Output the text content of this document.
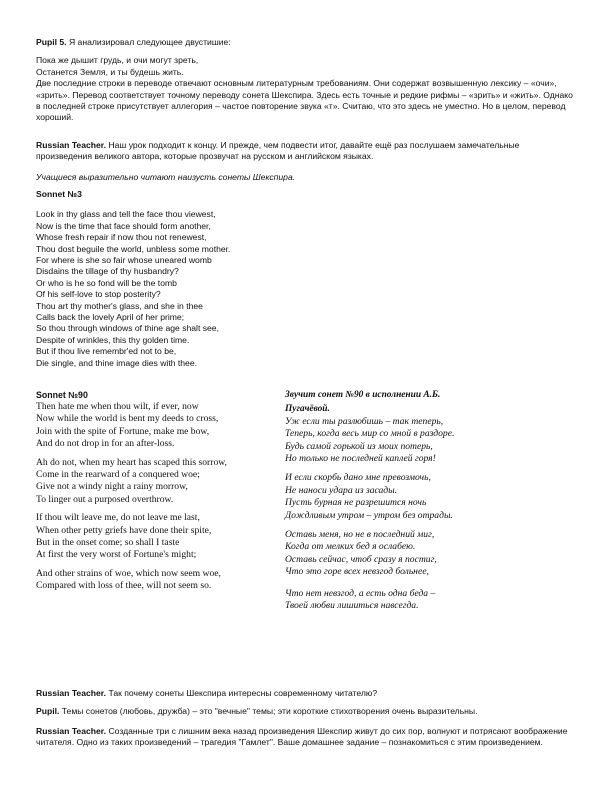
Pupil 5. Я анализировал следующее двустишие:
Пока же дышит грудь, и очи могут зреть,
Останется Земля, и ты будешь жить.
Две последние строки в переводе отвечают основным литературным требованиям. Они содержат возвышенную лексику – «очи», «зрить». Перевод соответствует точному переводу сонета Шекспира. Здесь есть точные и редкие рифмы – «зрить» и «жить». Однако в последней строке присутствует аллегория – частое повторение звука «т». Считаю, что это здесь не уместно. Но в целом, перевод хороший.
Russian Teacher. Наш урок подходит к концу. И прежде, чем подвести итог, давайте ещё раз послушаем замечательные произведения великого автора, которые прозвучат на русском и английском языках.
Учащиеся выразительно читают наизусть сонеты Шекспира.
Sonnet №3
Look in thy glass and tell the face thou viewest,
Now is the time that face should form another,
Whose fresh repair if now thou not renewest,
Thou dost beguile the world, unbless some mother.
For where is she so fair whose uneared womb
Disdains the tillage of thy husbandry?
Or who is he so fond will be the tomb
Of his self-love to stop posterity?
Thou art thy mother's glass, and she in thee
Calls back the lovely April of her prime;
So thou through windows of thine age shalt see,
Despite of wrinkles, this thy golden time.
But if thou live remembr'ed not to be,
Die single, and thine image dies with thee.
Sonnet №90
Then hate me when thou wilt, if ever, now
Now while the world is bent my deeds to cross,
Join with the spite of Fortune, make me bow,
And do not drop in for an after-loss.
Ah do not, when my heart has scaped this sorrow,
Come in the rearward of a conquered woe;
Give not a windy night a rainy morrow,
To linger out a purposed overthrow.
If thou wilt leave me, do not leave me last,
When other petty griefs have done their spite,
But in the onset come; so shall I taste
At first the very worst of Fortune's might;
And other strains of woe, which now seem woe,
Compared with loss of thee, will not seem so.
Звучит сонет №90 в исполнении А.Б.
Пугачёвой.
Уж если ты разлюбишь – так теперь,
Теперь, когда весь мир со мной в раздоре.
Будь самой горькой из моих потерь,
Но только не последней каплей горя!
И если скорбь дано мне превозмочь,
Не наноси удара из засады.
Пусть бурная не разрешится ночь
Дождливым утром – утром без отрады.
Оставь меня, но не в последний миг,
Когда от мелких бед я ослабею.
Оставь сейчас, чтоб сразу я постиг,
Что это горе всех невзгод больнее,
Что нет невзгод, а есть одна беда –
Твоей любви лишиться навсегда.
Russian Teacher. Так почему сонеты Шекспира интересны современному читателю?
Pupil. Темы сонетов (любовь, дружба) – это "вечные" темы; эти короткие стихотворения очень выразительны.
Russian Teacher. Созданные три с лишним века назад произведения Шекспир живут до сих пор, волнуют и потрясают воображение читателя. Одно из таких произведений – трагедия "Гамлет". Ваше домашнее задание – познакомиться с этим произведением.
